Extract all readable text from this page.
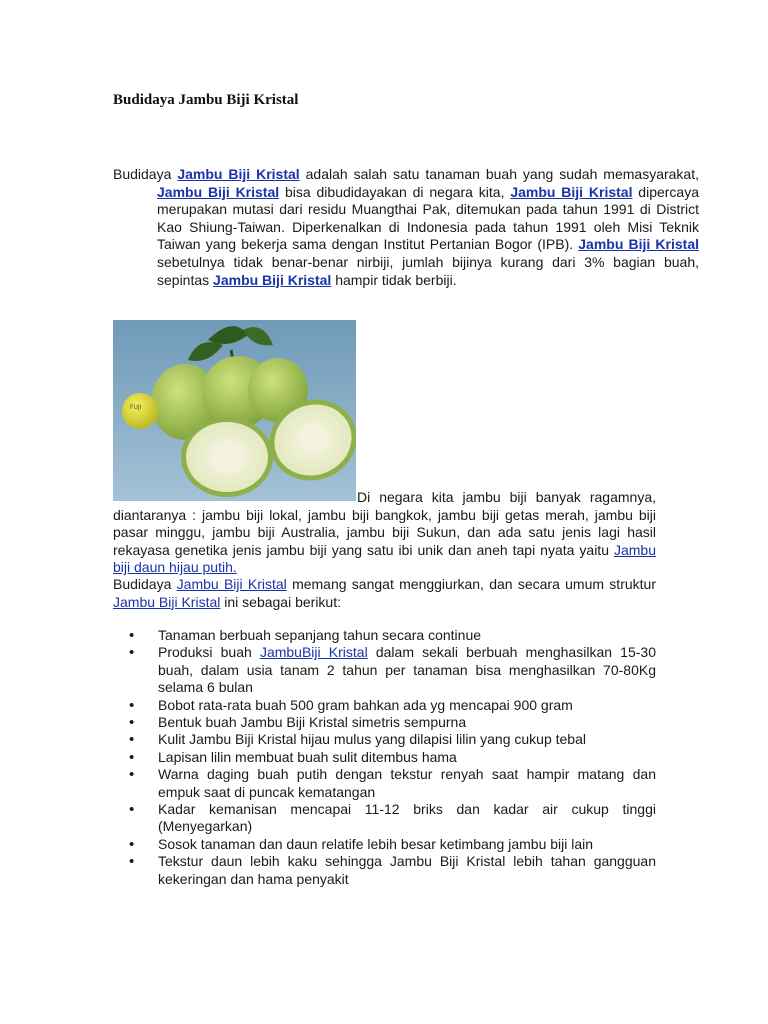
Budidaya Jambu Biji Kristal

Budidaya Jambu Biji Kristal adalah salah satu tanaman buah yang sudah memasyarakat, Jambu Biji Kristal bisa dibudidayakan di negara kita, Jambu Biji Kristal dipercaya merupakan mutasi dari residu Muangthai Pak, ditemukan pada tahun 1991 di District Kao Shiung-Taiwan. Diperkenalkan di Indonesia pada tahun 1991 oleh Misi Teknik Taiwan yang bekerja sama dengan Institut Pertanian Bogor (IPB). Jambu Biji Kristal sebetulnya tidak benar-benar nirbiji, jumlah bijinya kurang dari 3% bagian buah, sepintas Jambu Biji Kristal hampir tidak berbiji.

FUJI

Di negara kita jambu biji banyak ragamnya, diantaranya : jambu biji lokal, jambu biji bangkok, jambu biji getas merah, jambu biji pasar minggu, jambu biji Australia, jambu biji Sukun, dan ada satu jenis lagi hasil rekayasa genetika jenis jambu biji yang satu ibi unik dan aneh tapi nyata yaitu Jambu biji daun hijau putih.

Budidaya Jambu Biji Kristal memang sangat menggiurkan, dan secara umum struktur Jambu Biji Kristal ini sebagai berikut:

• Tanaman berbuah sepanjang tahun secara continue
• Produksi buah JambuBiji Kristal dalam sekali berbuah menghasilkan 15-30 buah, dalam usia tanam 2 tahun per tanaman bisa menghasilkan 70-80Kg selama 6 bulan
• Bobot rata-rata buah 500 gram bahkan ada yg mencapai 900 gram
• Bentuk buah Jambu Biji Kristal simetris sempurna
• Kulit Jambu Biji Kristal hijau mulus yang dilapisi lilin yang cukup tebal
• Lapisan lilin membuat buah sulit ditembus hama
• Warna daging buah putih dengan tekstur renyah saat hampir matang dan empuk saat di puncak kematangan
• Kadar kemanisan mencapai 11-12 briks dan kadar air cukup tinggi (Menyegarkan)
• Sosok tanaman dan daun relatife lebih besar ketimbang jambu biji lain
• Tekstur daun lebih kaku sehingga Jambu Biji Kristal lebih tahan gangguan kekeringan dan hama penyakit
